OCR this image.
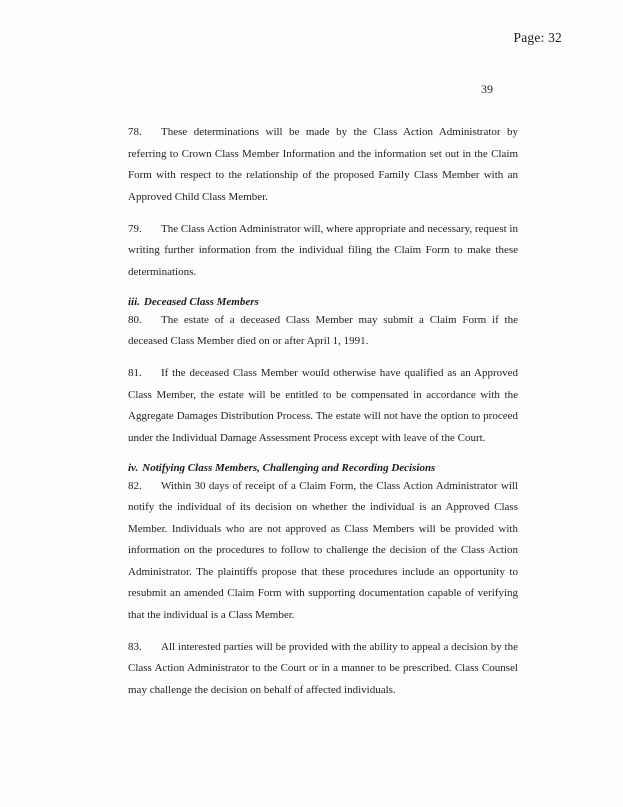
Page: 32
39

78. These determinations will be made by the Class Action Administrator by referring to Crown Class Member Information and the information set out in the Claim Form with respect to the relationship of the proposed Family Class Member with an Approved Child Class Member.

79. The Class Action Administrator will, where appropriate and necessary, request in writing further information from the individual filing the Claim Form to make these determinations.

iii. Deceased Class Members

80. The estate of a deceased Class Member may submit a Claim Form if the deceased Class Member died on or after April 1, 1991.

81. If the deceased Class Member would otherwise have qualified as an Approved Class Member, the estate will be entitled to be compensated in accordance with the Aggregate Damages Distribution Process. The estate will not have the option to proceed under the Individual Damage Assessment Process except with leave of the Court.

iv. Notifying Class Members, Challenging and Recording Decisions

82. Within 30 days of receipt of a Claim Form, the Class Action Administrator will notify the individual of its decision on whether the individual is an Approved Class Member. Individuals who are not approved as Class Members will be provided with information on the procedures to follow to challenge the decision of the Class Action Administrator. The plaintiffs propose that these procedures include an opportunity to resubmit an amended Claim Form with supporting documentation capable of verifying that the individual is a Class Member.

83. All interested parties will be provided with the ability to appeal a decision by the Class Action Administrator to the Court or in a manner to be prescribed. Class Counsel may challenge the decision on behalf of affected individuals.
